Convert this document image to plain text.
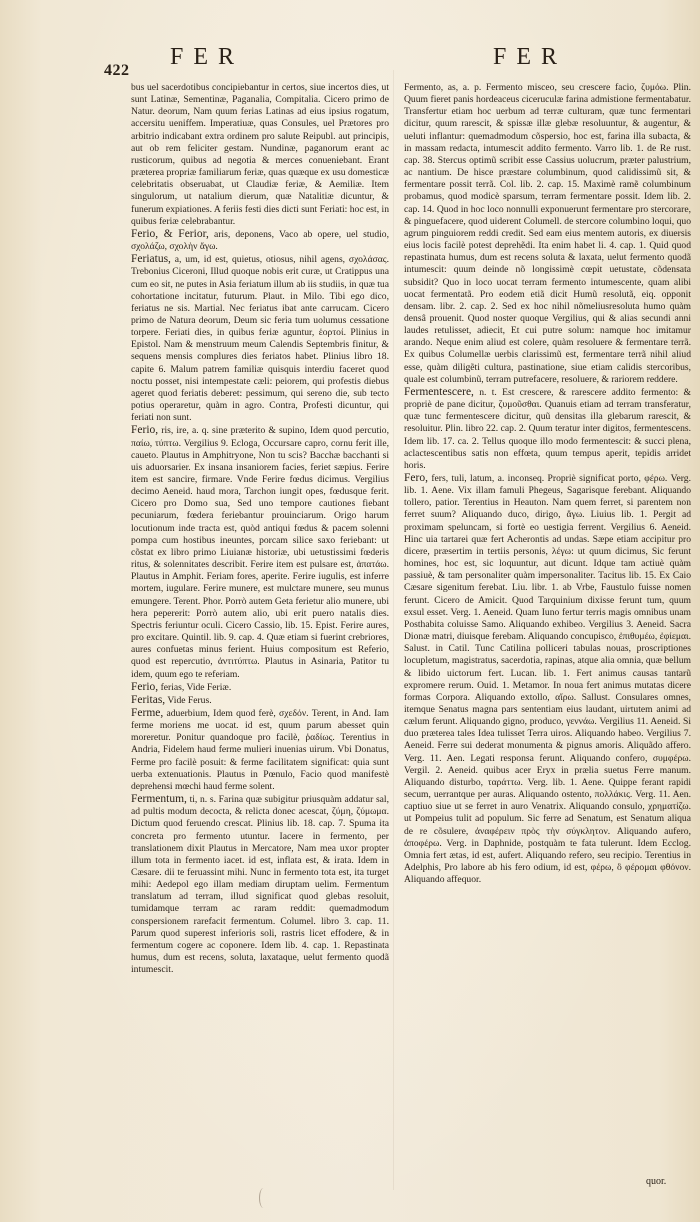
422
FER	FER

bus uel sacerdotibus concipiebantur in certos, siue incertos dies, ut sunt Latinæ, Sementinæ, Paganalia, Compitalia. Cicero primo de Natur. deorum, Nam quum ferias Latinas ad eius ipsius rogatum, accersitu ueniffem. Imperatiuæ, quas Consules, uel Prætores pro arbitrio indicabant extra ordinem pro salute Reipubl. aut principis, aut ob rem feliciter gestam. Nundinæ, paganorum erant ac rusticorum, quibus ad negotia & merces conueniebant. Erant præterea propriæ familiarum feriæ, quas quæque ex usu domesticæ celebritatis obseruabat, ut Claudiæ feriæ, & Aemiliæ. Item singulorum, ut natalium dierum, quæ Natalitiæ dicuntur, & funerum expiationes. A feriis festi dies dicti sunt Feriati: hoc est, in quibus feriæ celebrabantur.

Ferio, & Ferior, aris, deponens, Vaco ab opere, uel studio, σχολάζω, σχολὴν ἄγω.

Feriatus, a, um, id est, quietus, otiosus, nihil agens, σχολάσας. Trebonius Ciceroni, Illud quoque nobis erit curæ, ut Cratippus una cum eo sit, ne putes in Asia feriatum illum ab iis studiis, in quæ tua cohortatione incitatur, futurum. Plaut. in Milo. Tibi ego dico, feriatus ne sis. Martial. Nec feriatus ibat ante carrucam. Cicero primo de Natura deorum, Deum sic feria tum uolumus cessatione torpere. Feriati dies, in quibus feriæ aguntur, ἑορτοί. Plinius in Epistol. Nam & menstruum meum Calendis Septembris finitur, & sequens mensis complures dies feriatos habet. Plinius libro 18. capite 6. Malum patrem familiæ quisquis interdiu faceret quod noctu posset, nisi intempestate cæli: peiorem, qui profestis diebus ageret quod feriatis deberet: pessimum, qui sereno die, sub tecto potius operaretur, quàm in agro. Contra, Profesti dicuntur, qui feriati non sunt.

Ferio, ris, ire, a. q. sine præterito & supino, Idem quod percutio, παίω, τύπτω. Vergilius 9. Ecloga, Occursare capro, cornu ferit ille, caueto. Plautus in Amphitryone, Non tu scis? Bacchæ bacchanti si uis aduorsarier. Ex insana insaniorem facies, feriet sæpius. Ferire item est sancire, firmare. Vnde Ferire fœdus dicimus. Vergilius decimo Aeneid. haud mora, Tarchon iungit opes, fœdusque ferit. Cicero pro Domo sua, Sed uno tempore cautiones fiebant pecuniarum, fœdera feriebantur prouinciarum. Origo harum locutionum inde tracta est, quòd antiqui fœdus & pacem solenni pompa cum hostibus ineuntes, porcam silice saxo feriebant: ut cõstat ex libro primo Liuianæ historiæ, ubi uetustissimi fœderis ritus, & solennitates describit. Ferire item est pulsare est, ἀπατάω. Plautus in Amphit. Feriam fores, aperite. Ferire iugulis, est inferre mortem, iugulare. Ferire munere, est mulctare munere, seu munus emungere. Terent. Phor. Porrò autem Geta ferietur alio munere, ubi hera pepererit: Porrò autem alio, ubi erit puero natalis dies. Spectris feriuntur oculi. Cicero Cassio, lib. 15. Epist. Ferire aures, pro excitare. Quintil. lib. 9. cap. 4. Quæ etiam si fuerint crebriores, aures confuetas minus ferient. Huius compositum est Referio, quod est repercutio, ἀντιτύπτω. Plautus in Asinaria, Patitor tu idem, quum ego te referiam.

Ferio, ferias, Vide Feriæ.

Feritas, Vide Ferus.

Ferme, aduerbium, Idem quod ferè, σχεδόν. Terent, in And. Iam ferme moriens me uocat. id est, quum parum abesset quin moreretur. Ponitur quandoque pro facilè, ῥαδίως. Terentius in Andria, Fidelem haud ferme mulieri inuenias uirum. Vbi Donatus, Ferme pro facilè posuit: & ferme facilitatem significat: quia sunt uerba extenuationis. Plautus in Pœnulo, Facio quod manifestè deprehensi mœchi haud ferme solent.

Fermentum, ti, n. s. Farina quæ subigitur priusquàm addatur sal, ad pultis modum decocta, & relicta donec acescat, ζύμη, ζύμωμα. Dictum quod feruendo crescat. Plinius lib. 18. cap. 7. Spuma ita concreta pro fermento utuntur. Iacere in fermento, per translationem dixit Plautus in Mercatore, Nam mea uxor propter illum tota in fermento iacet. id est, inflata est, & irata. Idem in Cæsare. dii te feruassint mihi. Nunc in fermento tota est, ita turget mihi: Aedepol ego illam mediam diruptam uelim. Fermentum translatum ad terram, illud significat quod glebas resoluit, tumidamque terram ac raram reddit: quemadmodum conspersionem rarefacit fermentum. Columel. libro 3. cap. 11. Parum quod superest inferioris soli, rastris licet effodere, & in fermentum cogere ac coponere. Idem lib. 4. cap. 1. Repastinata humus, dum est recens, soluta, laxataque, uelut fermento quodã intumescit.

Fermento, as, a. p. Fermento misceo, seu crescere facio, ζυμόω. Plin. Quum fieret panis hordeaceus ciceruculæ farina admistione fermentabatur. Transfertur etiam hoc uerbum ad terræ culturam, quæ tunc fermentari dicitur, quum rarescit, & spissæ illæ glebæ resoluuntur, & augentur, & ueluti inflantur: quemadmodum cõspersio, hoc est, farina illa subacta, & in massam redacta, intumescit addito fermento. Varro lib. 1. de Re rust. cap. 38. Stercus optimũ scribit esse Cassius uolucrum, præter palustrium, ac nantium. De hisce præstare columbinum, quod calidissimũ sit, & fermentare possit terrã. Col. lib. 2. cap. 15. Maximè ramẽ columbinum probamus, quod modicè sparsum, terram fermentare possit. Idem lib. 2. cap. 14. Quod in hoc loco nonnulli exponuerunt fermentare pro stercorare, & pinguefacere, quod uiderent Columell. de stercore columbino loqui, quo agrum pinguiorem reddi credit. Sed eam eius mentem autoris, ex diuersis eius locis facilè potest deprehẽdi. Ita enim habet li. 4. cap. 1. Quid quod repastinata humus, dum est recens soluta & laxata, uelut fermento quodã intumescit: quum deinde nõ longissimè cœpit uetustate, cõdensata subsidit? Quo in loco uocat terram fermento intumescente, quam alibi uocat fermentatã. Pro eodem etiã dicit Humũ resolutã, eiq. opponit densam. libr. 2. cap. 2. Sed ex hoc nihil nõmeliusresoluta humo quàm densâ prouenit. Quod noster quoque Vergilius, qui & alias secundi anni laudes retulisset, adiecit, Et cui putre solum: namque hoc imitamur arando. Neque enim aliud est colere, quàm resoluere & fermentare terrã. Ex quibus Columellæ uerbis clarissimũ est, fermentare terrã nihil aliud esse, quàm diligẽti cultura, pastinatione, siue etiam calidis stercoribus, quale est columbinũ, terram putrefacere, resoluere, & rariorem reddere.

Fermentescere, n. t. Est crescere, & rarescere addito fermento: & propriè de pane dicitur, ζυμοῦσθαι. Quanuis etiam ad terram transferatur, quæ tunc fermentescere dicitur, quũ densitas illa glebarum rarescit, & resoluitur. Plin. libro 22. cap. 2. Quum teratur inter digitos, fermentescens. Idem lib. 17. ca. 2. Tellus quoque illo modo fermentescit: & succi plena, aclactescentibus satis non effœta, quum tempus aperit, tepidis arridet horis.

Fero, fers, tuli, latum, a. inconseq. Propriè significat porto, φέρω. Verg. lib. 1. Aene. Vix illam famuli Phegeus, Sagarisque ferebant. Aliquando tollero, patior. Terentius in Heauton. Nam quem ferret, si parentem non ferret suum? Aliquando duco, dirigo, ἄγω. Liuius lib. 1. Pergit ad proximam speluncam, si fortè eo uestigia ferrent. Vergilius 6. Aeneid. Hinc uia tartarei quæ fert Acherontis ad undas. Sæpe etiam accipitur pro dicere, præsertim in tertiis personis, λέγω: ut quum dicimus, Sic ferunt homines, hoc est, sic loquuntur, aut dicunt. Idque tam actiuè quàm passiuè, & tam personaliter quàm impersonaliter. Tacitus lib. 15. Ex Caio Cæsare sigenitum ferebat. Liu. libr. 1. ab Vrbe, Faustulo fuisse nomen ferunt. Cicero de Amicit. Quod Tarquinium dixisse ferunt tum, quum exsul esset. Verg. 1. Aeneid. Quam Iuno fertur terris magis omnibus unam Posthabita coluisse Samo. Aliquando exhibeo. Vergilius 3. Aeneid. Sacra Dionæ matri, diuisque ferebam. Aliquando concupisco, ἐπιθυμέω, ἐφίεμαι. Salust. in Catil. Tunc Catilina polliceri tabulas nouas, proscriptiones locupletum, magistratus, sacerdotia, rapinas, atque alia omnia, quæ bellum & libido uictorum fert. Lucan. lib. 1. Fert animus causas tantarũ expromere rerum. Ouid. 1. Metamor. In noua fert animus mutatas dicere formas Corpora. Aliquando extollo, αἴρω. Sallust. Consulares omnes, itemque Senatus magna pars sententiam eius laudant, uirtutem animi ad cælum ferunt. Aliquando gigno, produco, γεννάω. Vergilius 11. Aeneid. Si duo præterea tales Idea tulisset Terra uiros. Aliquando habeo. Vergilius 7. Aeneid. Ferre sui dederat monumenta & pignus amoris. Aliquãdo affero. Verg. 11. Aen. Legati responsa ferunt. Aliquando confero, συμφέρω. Vergil. 2. Aeneid. quibus acer Eryx in prælia suetus Ferre manum. Aliquando disturbo, ταράττω. Verg. lib. 1. Aene. Quippe ferant rapidi secum, uerrantque per auras. Aliquando ostento, πολλάκις. Verg. 11. Aen. captiuo siue ut se ferret in auro Venatrix. Aliquando consulo, χρηματίζω. ut Pompeius tulit ad populum. Sic ferre ad Senatum, est Senatum aliqua de re cõsulere, ἀναφέρειν πρὸς τὴν σύγκλητον. Aliquando aufero, ἀποφέρω. Verg. in Daphnide, postquàm te fata tulerunt. Idem Ecclog. Omnia fert ætas, id est, aufert. Aliquando refero, seu recipio. Terentius in Adelphis, Pro labore ab his fero odium, id est, φέρω, ὃ φέρομαι φθόνον. Aliquando affequor.

quor.
